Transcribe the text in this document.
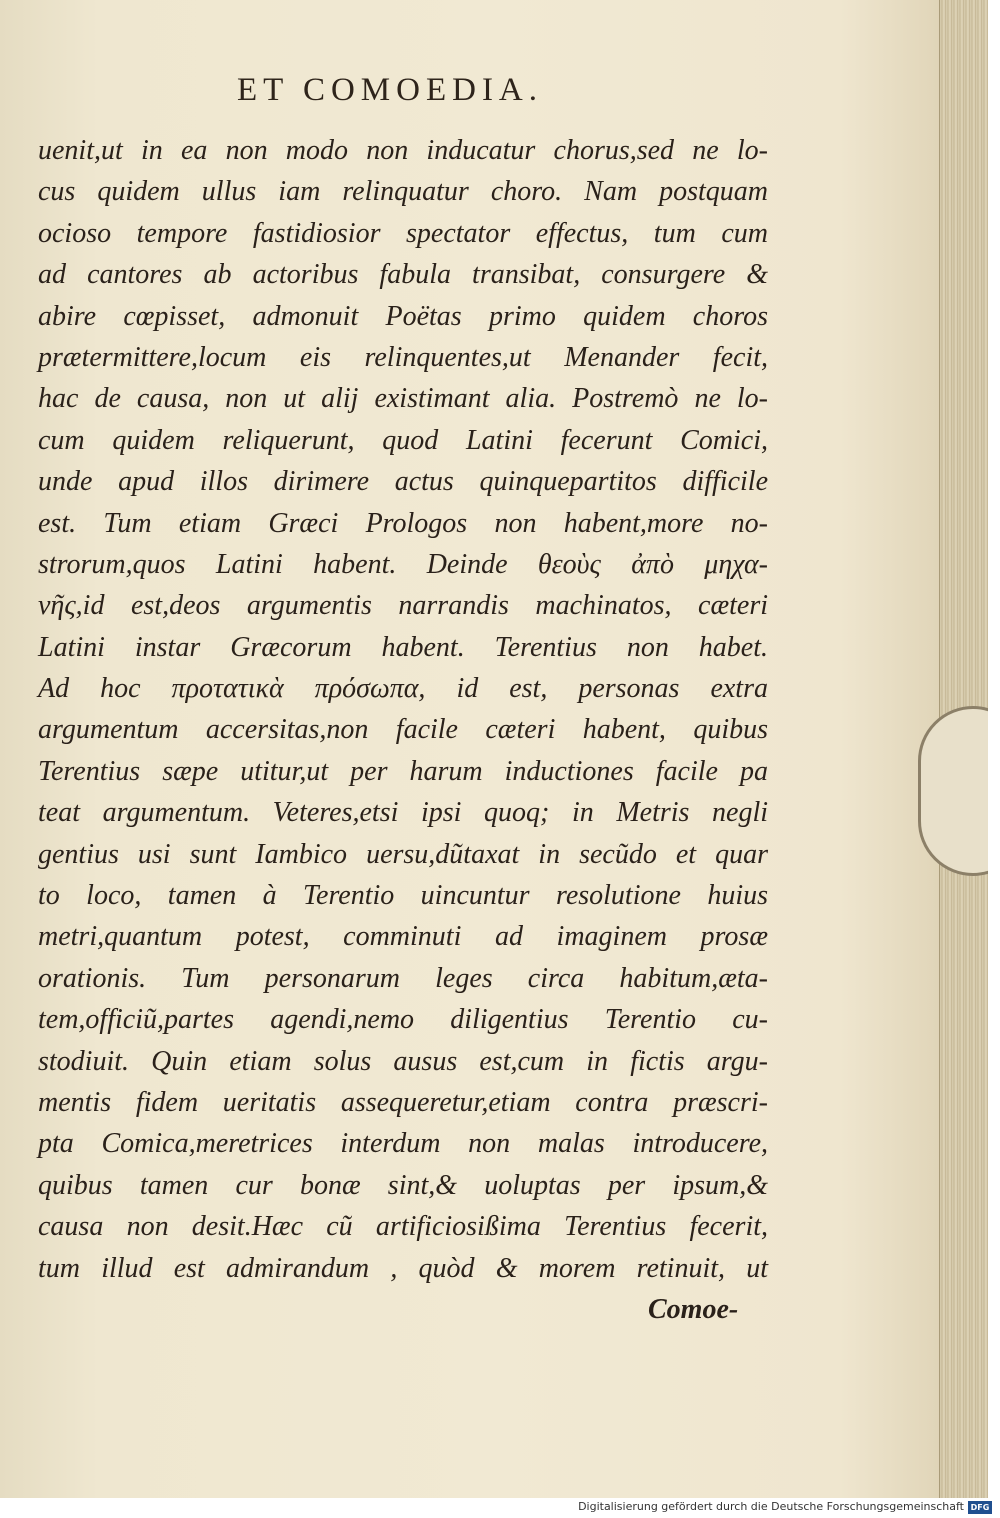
ET COMOEDIA.
uenit,ut in ea non modo non inducatur chorus,sed ne lo-
cus quidem ullus iam relinquatur choro. Nam postquam
ocioso tempore fastidiosior spectator effectus, tum cum
ad cantores ab actoribus fabula transibat, consurgere &
abire cœpisset, admonuit Poëtas primo quidem choros
prætermittere,locum eis relinquentes,ut Menander fecit,
hac de causa, non ut alij existimant alia. Postremò ne lo-
cum quidem reliquerunt, quod Latini fecerunt Comici,
unde apud illos dirimere actus quinquepartitos difficile
est. Tum etiam Græci Prologos non habent,more no-
strorum,quos Latini habent. Deinde θεοὺς ἀπὸ μηχα-
νῆς,id est,deos argumentis narrandis machinatos, cæteri
Latini instar Græcorum habent. Terentius non habet.
Ad hoc προτατικὰ πρόσωπα, id est, personas extra
argumentum accersitas,non facile cæteri habent, quibus
Terentius sæpe utitur,ut per harum inductiones facile pa
teat argumentum. Veteres,etsi ipsi quoq; in Metris negli
gentius usi sunt Iambico uersu,dũtaxat in secũdo et quar
to loco, tamen à Terentio uincuntur resolutione huius
metri,quantum potest, comminuti ad imaginem prosæ
orationis. Tum personarum leges circa habitum,æta-
tem,officiũ,partes agendi,nemo diligentius Terentio cu-
stodiuit. Quin etiam solus ausus est,cum in fictis argu-
mentis fidem ueritatis assequeretur,etiam contra præscri-
pta Comica,meretrices interdum non malas introducere,
quibus tamen cur bonæ sint,& uoluptas per ipsum,&
causa non desit.Hæc cũ artificiosißima Terentius fecerit,
tum illud est admirandum , quòd & morem retinuit, ut
Comoe-
Digitalisierung gefördert durch die Deutsche Forschungsgemeinschaft DFG
